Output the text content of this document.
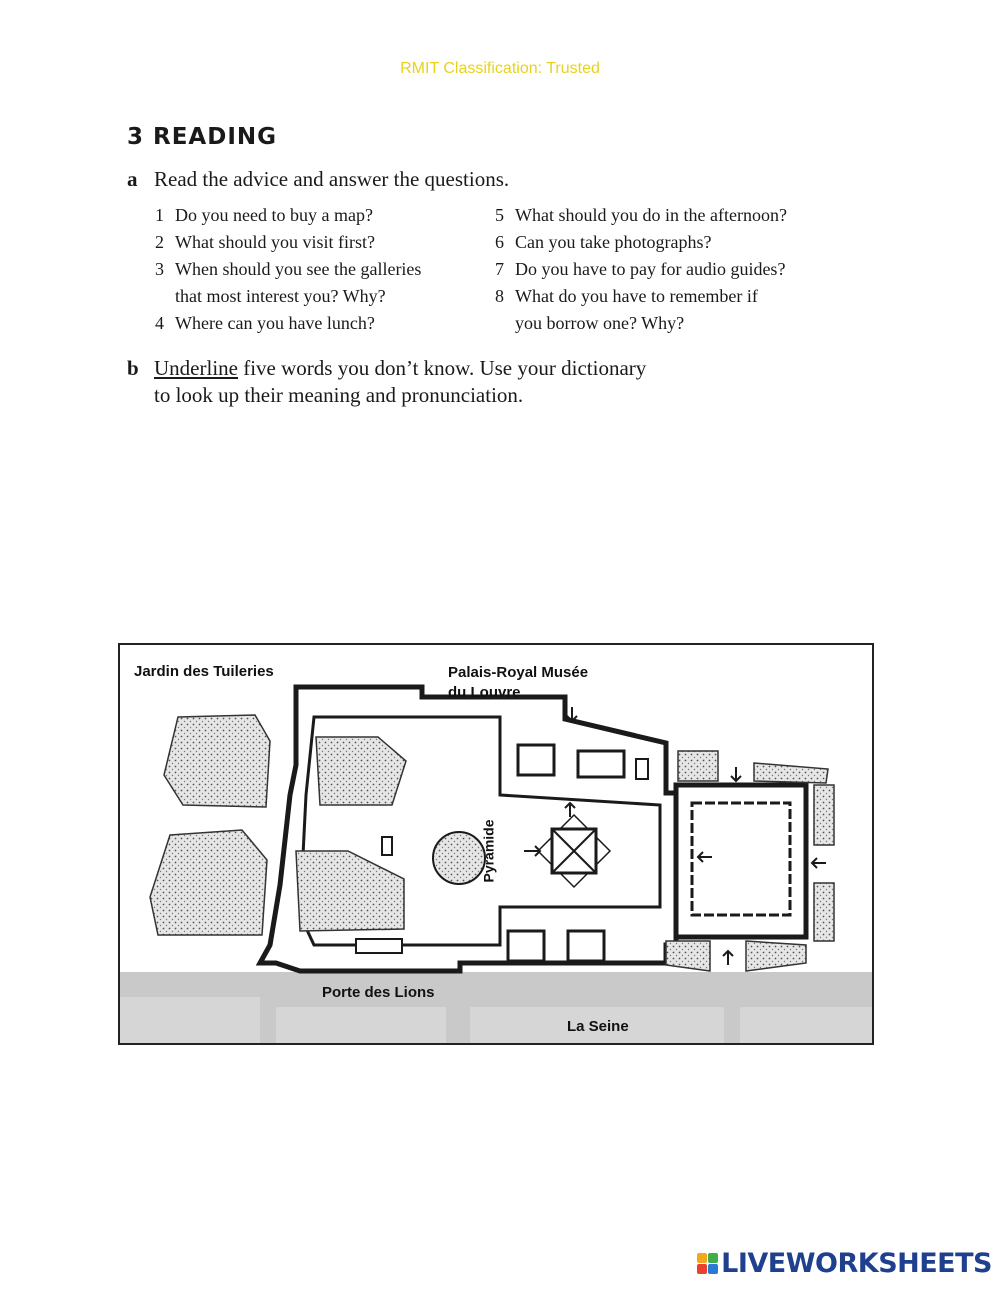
RMIT Classification: Trusted
3 READING
a Read the advice and answer the questions.
1 Do you need to buy a map?
2 What should you visit first?
3 When should you see the galleries
that most interest you? Why?
4 Where can you have lunch?
5 What should you do in the afternoon?
6 Can you take photographs?
7 Do you have to pay for audio guides?
8 What do you have to remember if
you borrow one? Why?
b Underline five words you don’t know. Use your dictionary
to look up their meaning and pronunciation.
Jardin des Tuileries	Palais-Royal Musée
du Louvre
Pyramide
Porte des Lions
La Seine
LIVEWORKSHEETS
